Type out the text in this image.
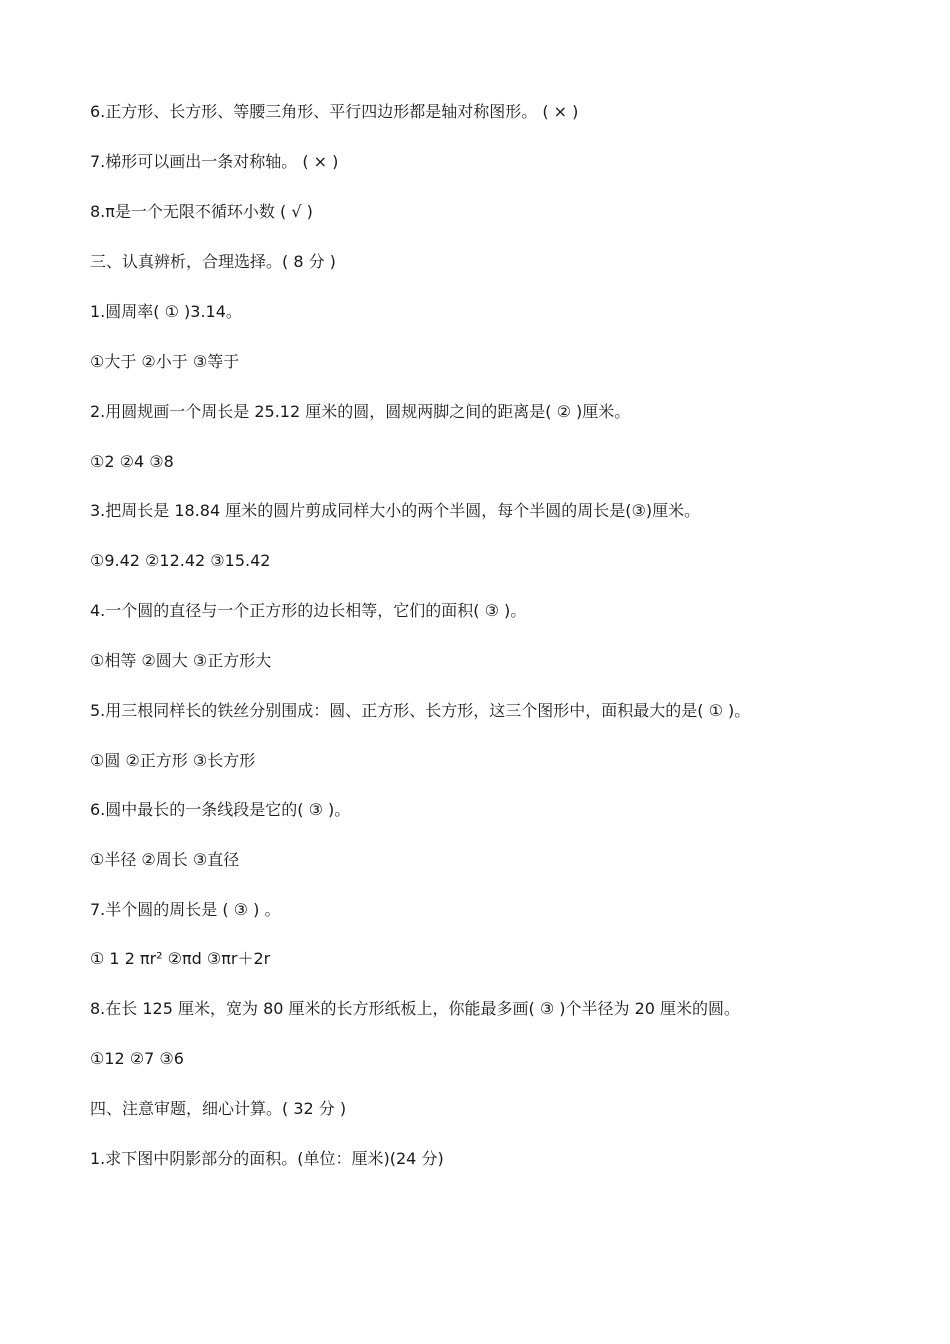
6.正方形、长方形、等腰三角形、平行四边形都是轴对称图形。 ( × )

7.梯形可以画出一条对称轴。 ( × )

8.π是一个无限不循环小数 ( √ )

三、认真辨析，合理选择。( 8 分 )

1.圆周率( ① )3.14。

①大于 ②小于 ③等于

2.用圆规画一个周长是 25.12 厘米的圆，圆规两脚之间的距离是( ② )厘米。

①2 ②4 ③8

3.把周长是 18.84 厘米的圆片剪成同样大小的两个半圆，每个半圆的周长是(③)厘米。

①9.42 ②12.42 ③15.42

4.一个圆的直径与一个正方形的边长相等，它们的面积( ③ )。

①相等 ②圆大 ③正方形大

5.用三根同样长的铁丝分别围成：圆、正方形、长方形，这三个图形中，面积最大的是( ① )。

①圆 ②正方形 ③长方形

6.圆中最长的一条线段是它的( ③ )。

①半径 ②周长 ③直径

7.半个圆的周长是 ( ③ ) 。

① 1 2 πr² ②πd ③πr＋2r

8.在长 125 厘米，宽为 80 厘米的长方形纸板上，你能最多画( ③ )个半径为 20 厘米的圆。

①12 ②7 ③6

四、注意审题，细心计算。( 32 分 )

1.求下图中阴影部分的面积。(单位：厘米)(24 分)
